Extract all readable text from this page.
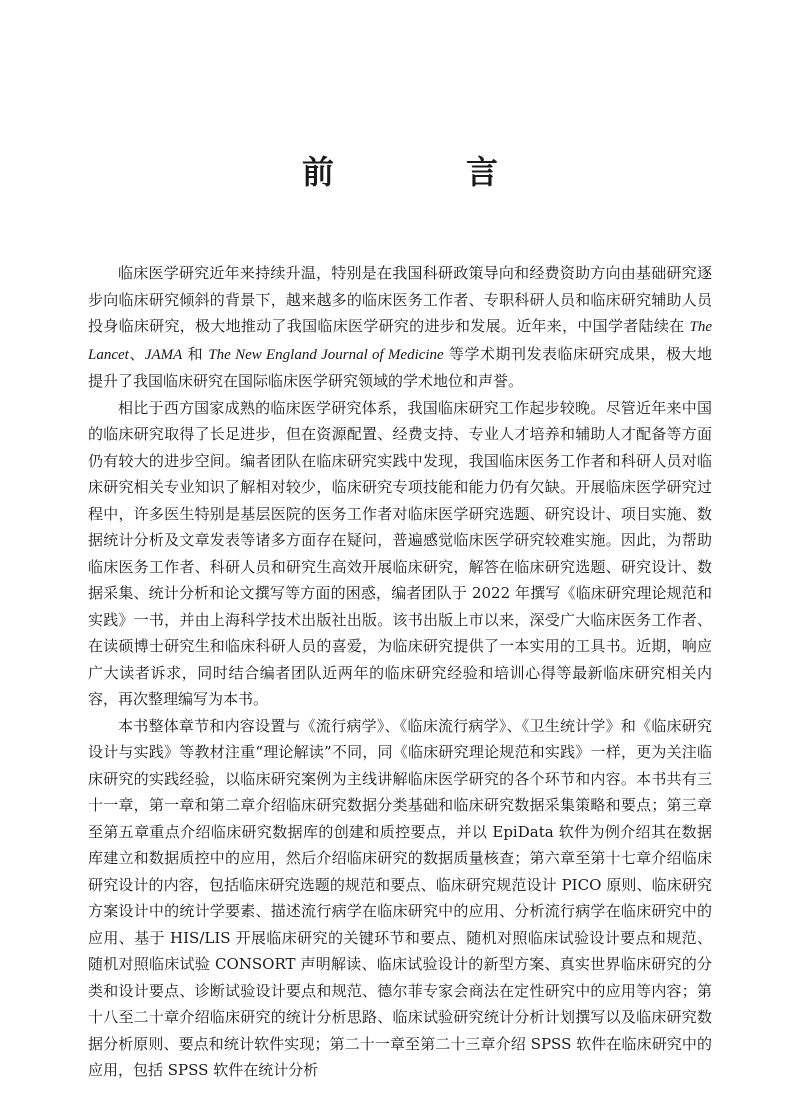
前　言

临床医学研究近年来持续升温，特别是在我国科研政策导向和经费资助方向由基础研究逐步向临床研究倾斜的背景下，越来越多的临床医务工作者、专职科研人员和临床研究辅助人员投身临床研究，极大地推动了我国临床医学研究的进步和发展。近年来，中国学者陆续在 The Lancet、JAMA 和 The New England Journal of Medicine 等学术期刊发表临床研究成果，极大地提升了我国临床研究在国际临床医学研究领域的学术地位和声誉。

相比于西方国家成熟的临床医学研究体系，我国临床研究工作起步较晚。尽管近年来中国的临床研究取得了长足进步，但在资源配置、经费支持、专业人才培养和辅助人才配备等方面仍有较大的进步空间。编者团队在临床研究实践中发现，我国临床医务工作者和科研人员对临床研究相关专业知识了解相对较少，临床研究专项技能和能力仍有欠缺。开展临床医学研究过程中，许多医生特别是基层医院的医务工作者对临床医学研究选题、研究设计、项目实施、数据统计分析及文章发表等诸多方面存在疑问，普遍感觉临床医学研究较难实施。因此，为帮助临床医务工作者、科研人员和研究生高效开展临床研究，解答在临床研究选题、研究设计、数据采集、统计分析和论文撰写等方面的困惑，编者团队于 2022 年撰写《临床研究理论规范和实践》一书，并由上海科学技术出版社出版。该书出版上市以来，深受广大临床医务工作者、在读硕博士研究生和临床科研人员的喜爱，为临床研究提供了一本实用的工具书。近期，响应广大读者诉求，同时结合编者团队近两年的临床研究经验和培训心得等最新临床研究相关内容，再次整理编写为本书。

本书整体章节和内容设置与《流行病学》、《临床流行病学》、《卫生统计学》和《临床研究设计与实践》等教材注重“理论解读”不同，同《临床研究理论规范和实践》一样，更为关注临床研究的实践经验，以临床研究案例为主线讲解临床医学研究的各个环节和内容。本书共有三十一章，第一章和第二章介绍临床研究数据分类基础和临床研究数据采集策略和要点；第三章至第五章重点介绍临床研究数据库的创建和质控要点，并以 EpiData 软件为例介绍其在数据库建立和数据质控中的应用，然后介绍临床研究的数据质量核查；第六章至第十七章介绍临床研究设计的内容，包括临床研究选题的规范和要点、临床研究规范设计 PICO 原则、临床研究方案设计中的统计学要素、描述流行病学在临床研究中的应用、分析流行病学在临床研究中的应用、基于 HIS/LIS 开展临床研究的关键环节和要点、随机对照临床试验设计要点和规范、随机对照临床试验 CONSORT 声明解读、临床试验设计的新型方案、真实世界临床研究的分类和设计要点、诊断试验设计要点和规范、德尔菲专家会商法在定性研究中的应用等内容；第十八至二十章介绍临床研究的统计分析思路、临床试验研究统计分析计划撰写以及临床研究数据分析原则、要点和统计软件实现；第二十一章至第二十三章介绍 SPSS 软件在临床研究中的应用，包括 SPSS 软件在统计分析
